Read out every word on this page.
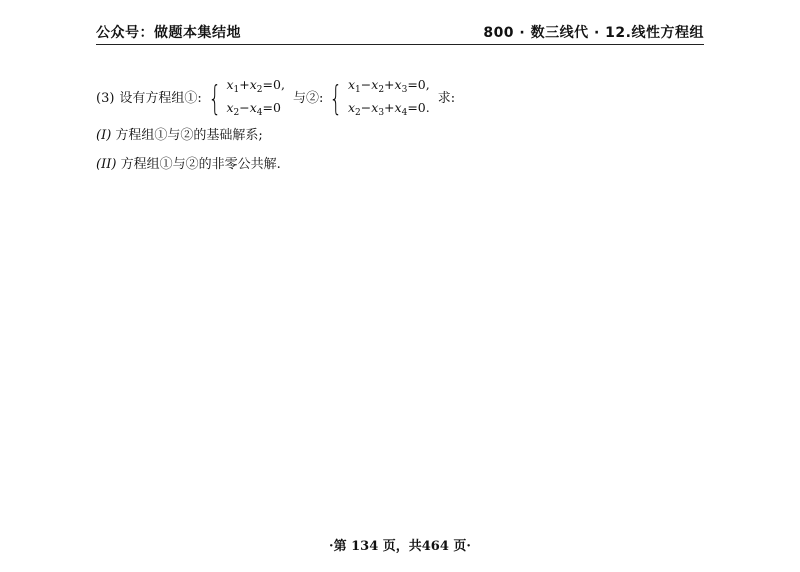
公众号：做题本集结地	800 · 数三线代 · 12.线性方程组
(3) 设有方程组①: { $x_1+x_2=0$,
$x_2-x_4=0$
与②: { $x_1-x_2+x_3=0$,
$x_2-x_3+x_4=0$.
求:
(I) 方程组①与②的基础解系;
(II) 方程组①与②的非零公共解.
·第 134 页，共464 页·
